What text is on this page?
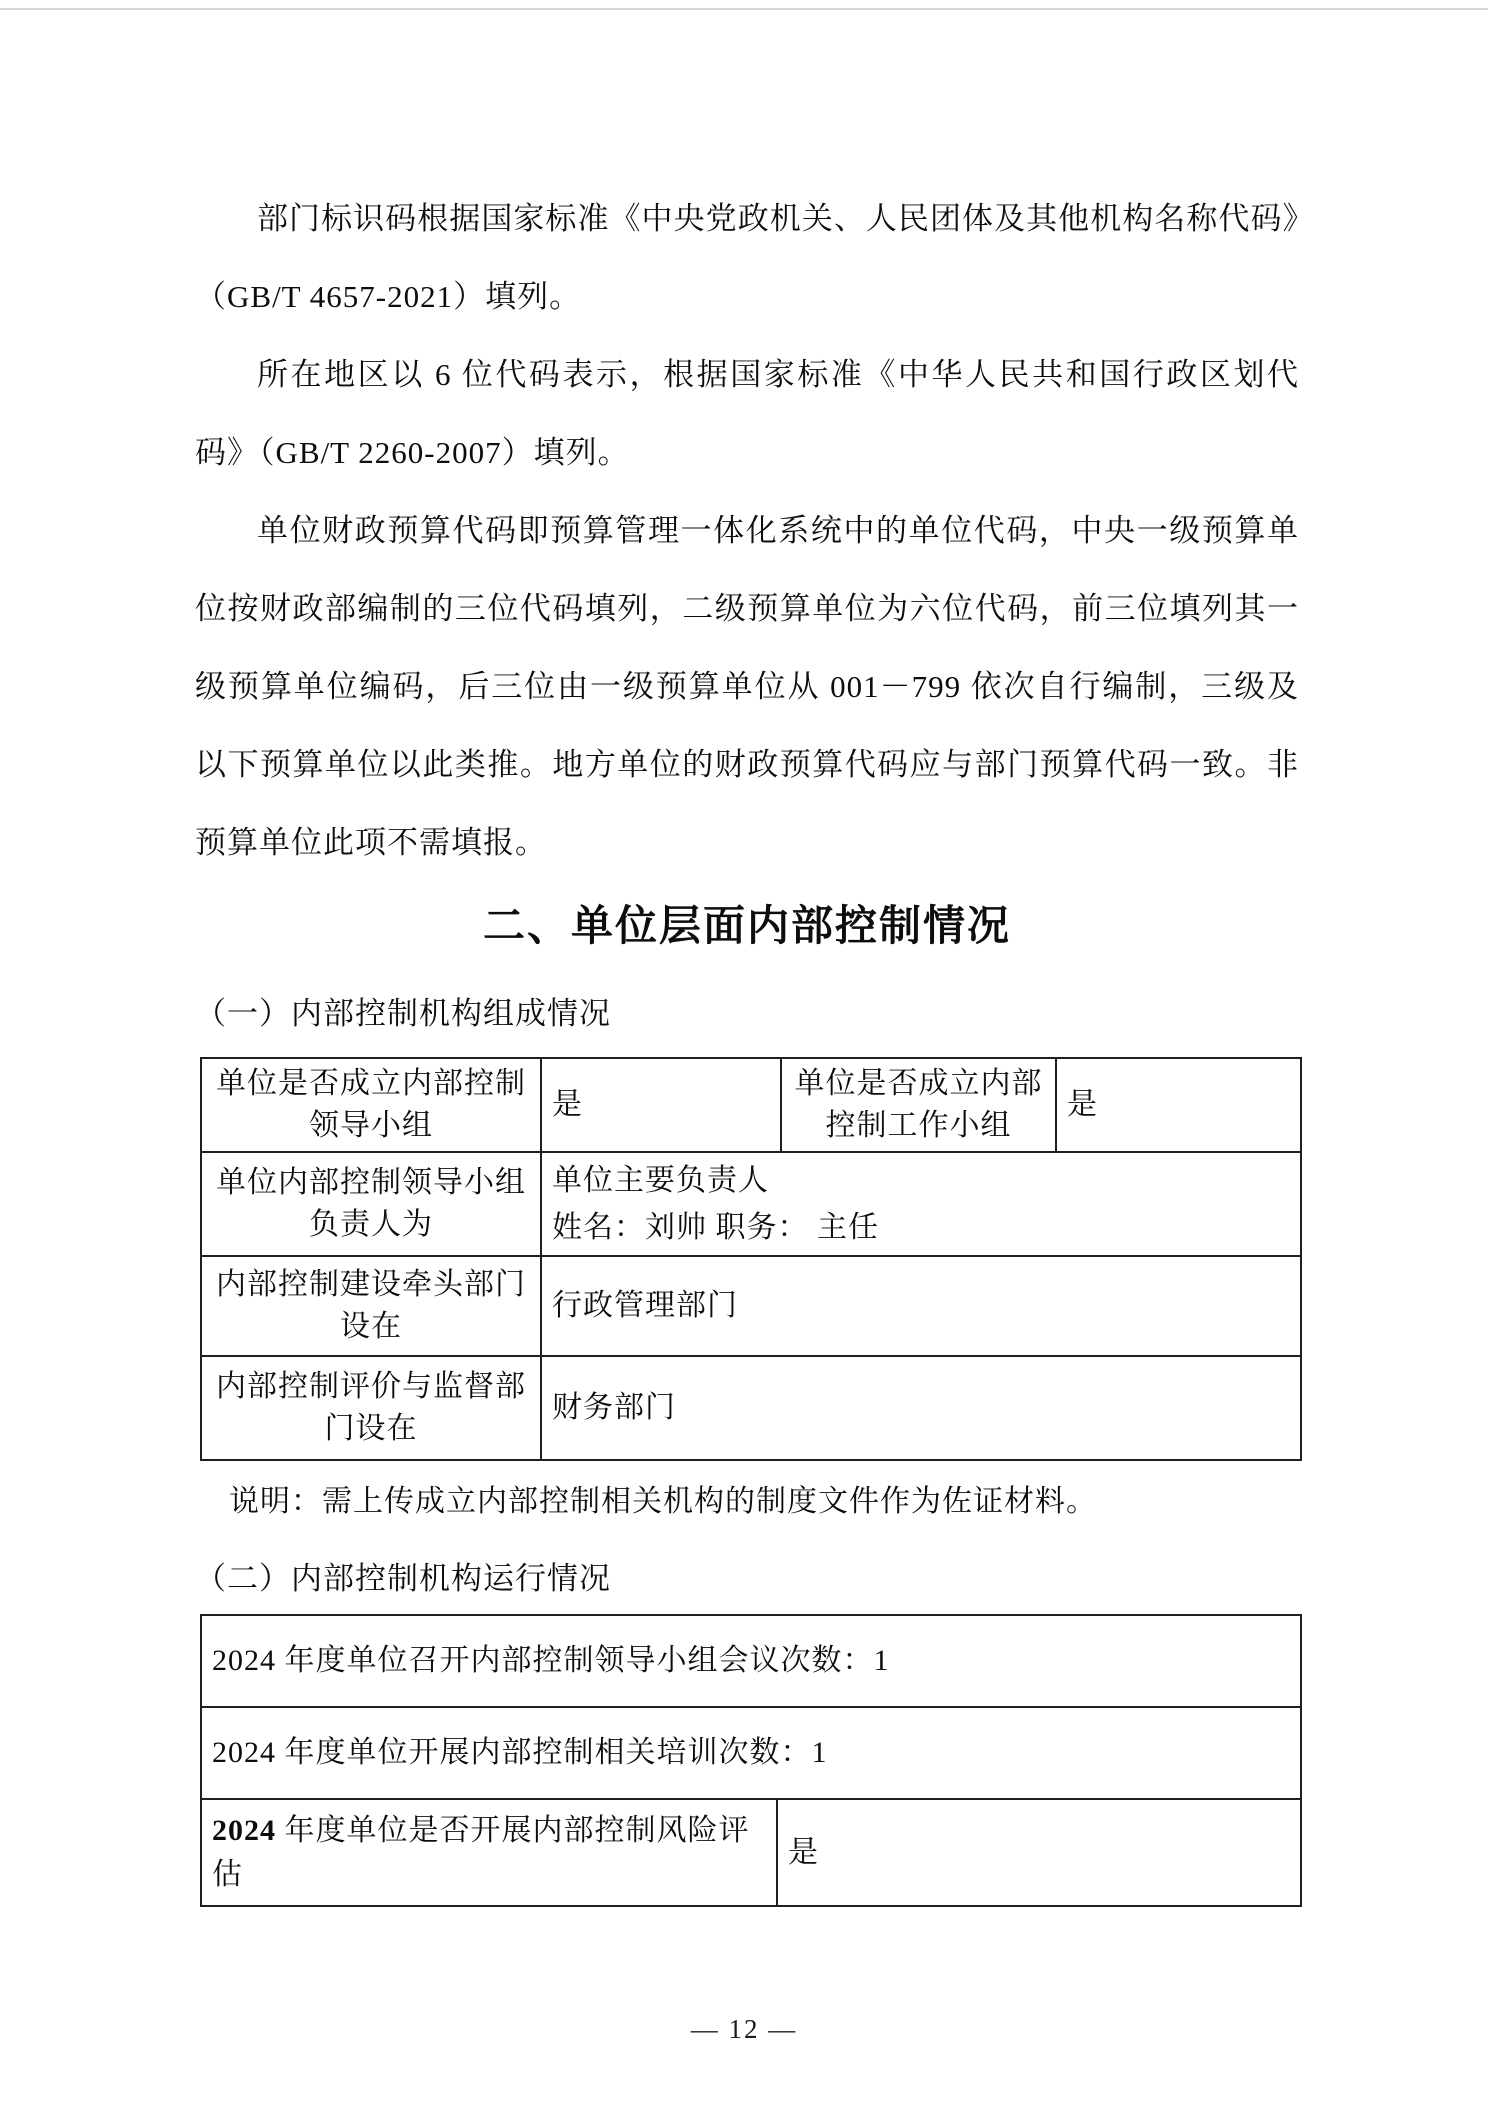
部门标识码根据国家标准《中央党政机关、人民团体及其他机构名称代码》（GB/T 4657-2021）填列。

所在地区以 6 位代码表示，根据国家标准《中华人民共和国行政区划代码》（GB/T 2260-2007）填列。

单位财政预算代码即预算管理一体化系统中的单位代码，中央一级预算单位按财政部编制的三位代码填列，二级预算单位为六位代码，前三位填列其一级预算单位编码，后三位由一级预算单位从 001－799 依次自行编制，三级及以下预算单位以此类推。地方单位的财政预算代码应与部门预算代码一致。非预算单位此项不需填报。

二、单位层面内部控制情况
（一）内部控制机构组成情况
单位是否成立内部控制领导小组	是	单位是否成立内部控制工作小组	是
单位内部控制领导小组负责人为	单位主要负责人
姓名：刘帅 职务： 主任		

内部控制建设牵头部门设在	行政管理部门		
内部控制评价与监督部门设在	财务部门		
说明：需上传成立内部控制相关机构的制度文件作为佐证材料。
（二）内部控制机构运行情况
2024 年度单位召开内部控制领导小组会议次数：1
2024 年度单位开展内部控制相关培训次数：1
2024 年度单位是否开展内部控制风险评估	是
— 12 —
